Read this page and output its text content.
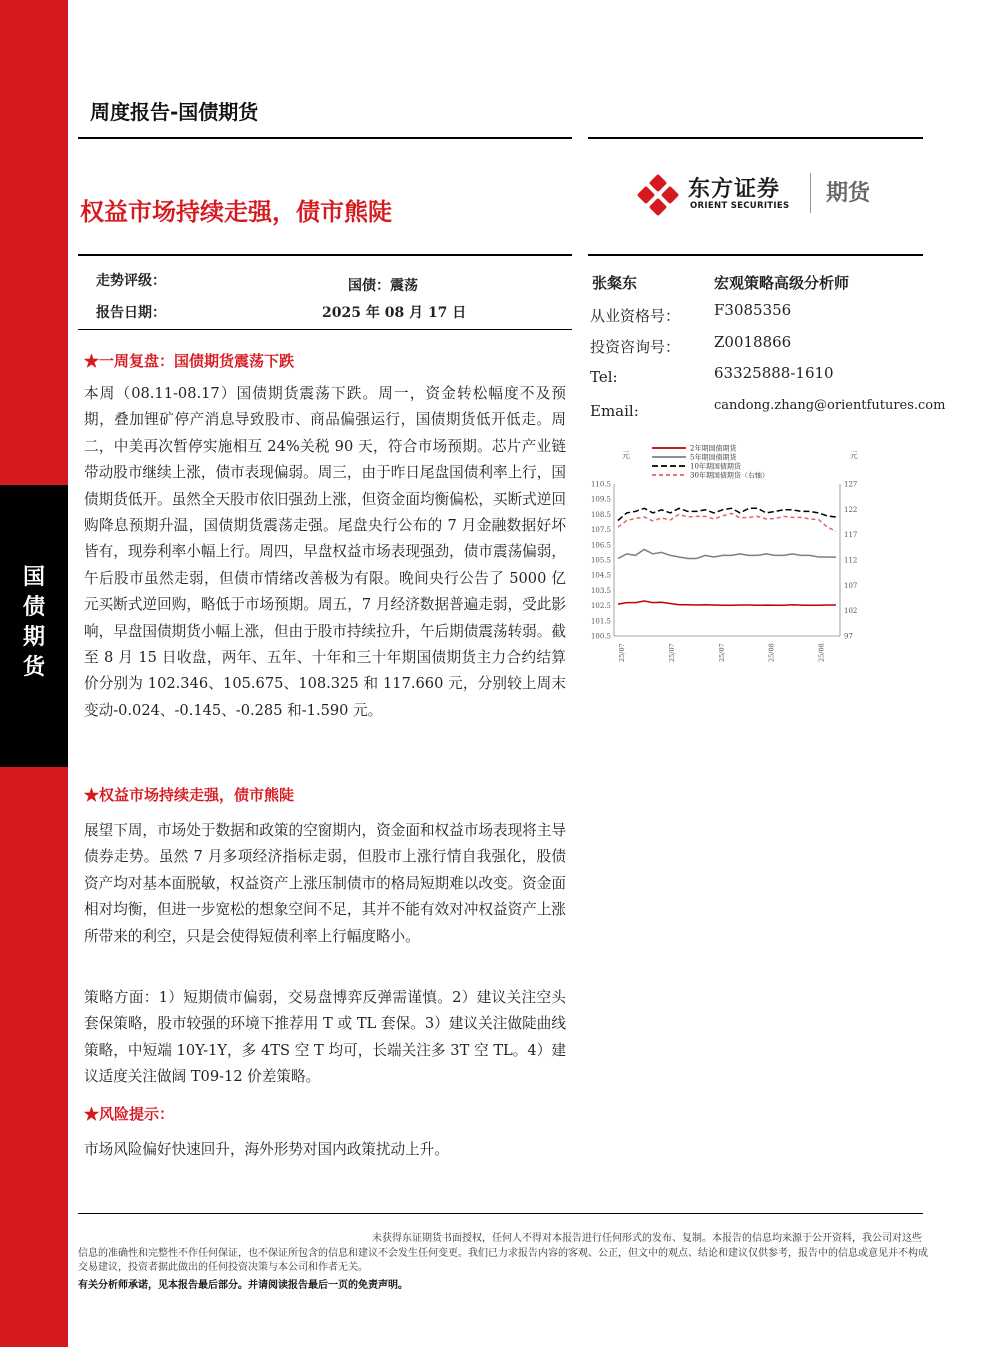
国
债
期
货
周度报告-国债期货
权益市场持续走强，债市熊陡
东方证券
ORIENT SECURITIES 期货
走势评级：	国债：震荡
报告日期：	2025 年 08 月 17 日
张粲东	宏观策略高级分析师
从业资格号： F3085356
投资咨询号： Z0018866
Tel:	63325888-1610
Email:	candong.zhang@orientfutures.com
元	元
2年期国债期货
5年期国债期货
10年期国债期货
30年期国债期货（右轴）
110.5
109.5
108.5
107.5
106.5
105.5
104.5
103.5
102.5
101.5
100.5
127
122
117
112
107
102
97
25/07	25/07	25/07	25/08	25/08
★一周复盘：国债期货震荡下跌

本周（08.11-08.17）国债期货震荡下跌。周一，资金转松幅度不及预期，叠加锂矿停产消息导致股市、商品偏强运行，国债期货低开低走。周二，中美再次暂停实施相互 24%关税 90 天，符合市场预期。芯片产业链带动股市继续上涨，债市表现偏弱。周三，由于昨日尾盘国债利率上行，国债期货低开。虽然全天股市依旧强劲上涨，但资金面均衡偏松，买断式逆回购降息预期升温，国债期货震荡走强。尾盘央行公布的 7 月金融数据好坏皆有，现券利率小幅上行。周四，早盘权益市场表现强劲，债市震荡偏弱，午后股市虽然走弱，但债市情绪改善极为有限。晚间央行公告了 5000 亿元买断式逆回购，略低于市场预期。周五，7 月经济数据普遍走弱，受此影响，早盘国债期货小幅上涨，但由于股市持续拉升，午后期债震荡转弱。截至 8 月 15 日收盘，两年、五年、十年和三十年期国债期货主力合约结算价分别为 102.346、105.675、108.325 和 117.660 元，分别较上周末变动-0.024、-0.145、-0.285 和-1.590 元。

★权益市场持续走强，债市熊陡

展望下周，市场处于数据和政策的空窗期内，资金面和权益市场表现将主导债券走势。虽然 7 月多项经济指标走弱，但股市上涨行情自我强化，股债资产均对基本面脱敏，权益资产上涨压制债市的格局短期难以改变。资金面相对均衡，但进一步宽松的想象空间不足，其并不能有效对冲权益资产上涨所带来的利空，只是会使得短债利率上行幅度略小。

策略方面：1）短期债市偏弱，交易盘博弈反弹需谨慎。2）建议关注空头套保策略，股市较强的环境下推荐用 T 或 TL 套保。3）建议关注做陡曲线策略，中短端 10Y-1Y，多 4TS 空 T 均可，长端关注多 3T 空 TL。4）建议适度关注做阔 T09-12 价差策略。

★风险提示：

市场风险偏好快速回升，海外形势对国内政策扰动上升。

未获得东证期货书面授权，任何人不得对本报告进行任何形式的发布、复制。本报告的信息均来源于公开资料，我公司对这些信息的准确性和完整性不作任何保证，也不保证所包含的信息和建议不会发生任何变更。我们已力求报告内容的客观、公正，但文中的观点、结论和建议仅供参考，报告中的信息或意见并不构成交易建议，投资者据此做出的任何投资决策与本公司和作者无关。

有关分析师承诺，见本报告最后部分。并请阅读报告最后一页的免责声明。
